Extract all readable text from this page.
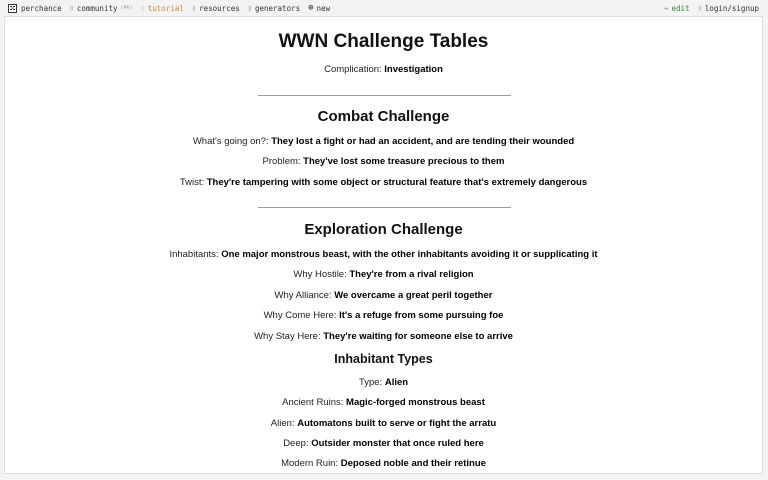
perchance ▯ community (4h) ▯ tutorial ▯ resources ▯ generators ⊕ new	✏ edit ▯ login/signup
WWN Challenge Tables
Complication: Investigation
Combat Challenge
What's going on?: They lost a fight or had an accident, and are tending their wounded
Problem: They've lost some treasure precious to them
Twist: They're tampering with some object or structural feature that's extremely dangerous
Exploration Challenge
Inhabitants: One major monstrous beast, with the other inhabitants avoiding it or supplicating it
Why Hostile: They're from a rival religion
Why Alliance: We overcame a great peril together
Why Come Here: It's a refuge from some pursuing foe
Why Stay Here: They're waiting for someone else to arrive
Inhabitant Types
Type: Alien
Ancient Ruins: Magic-forged monstrous beast
Alien: Automatons built to serve or fight the arratu
Deep: Outsider monster that once ruled here
Modern Ruin: Deposed noble and their retinue
